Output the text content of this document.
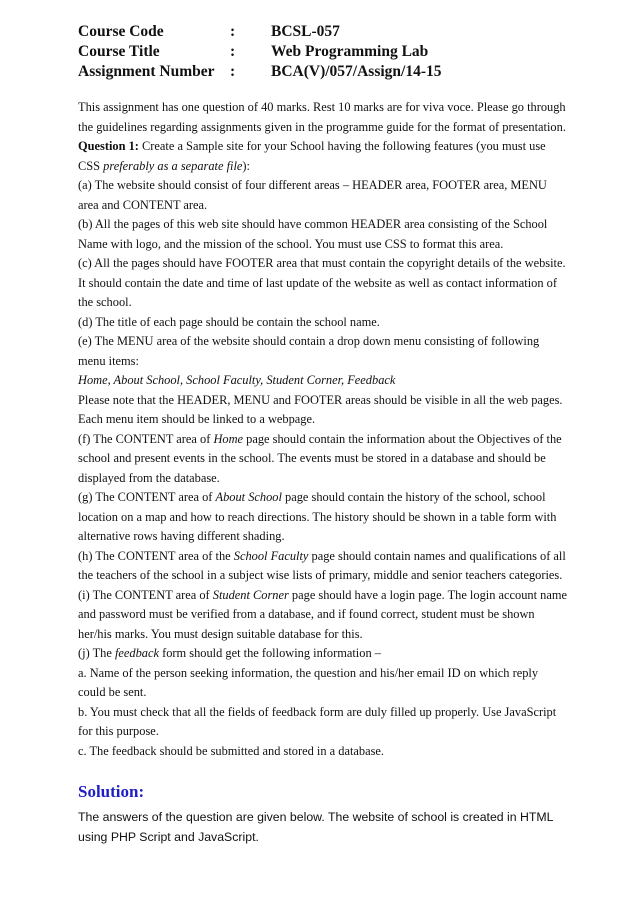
Course Code	:	BCSL-057
Course Title	:	Web Programming Lab
Assignment Number	:	BCA(V)/057/Assign/14-15

This assignment has one question of 40 marks. Rest 10 marks are for viva voce. Please go through the guidelines regarding assignments given in the programme guide for the format of presentation.

Question 1: Create a Sample site for your School having the following features (you must use CSS preferably as a separate file):

(a) The website should consist of four different areas – HEADER area, FOOTER area, MENU area and CONTENT area.

(b) All the pages of this web site should have common HEADER area consisting of the School Name with logo, and the mission of the school. You must use CSS to format this area.

(c) All the pages should have FOOTER area that must contain the copyright details of the website. It should contain the date and time of last update of the website as well as contact information of the school.

(d) The title of each page should be contain the school name.

(e) The MENU area of the website should contain a drop down menu consisting of following menu items:

Home, About School, School Faculty, Student Corner, Feedback

Please note that the HEADER, MENU and FOOTER areas should be visible in all the web pages. Each menu item should be linked to a webpage.

(f) The CONTENT area of Home page should contain the information about the Objectives of the school and present events in the school. The events must be stored in a database and should be displayed from the database.

(g) The CONTENT area of About School page should contain the history of the school, school location on a map and how to reach directions. The history should be shown in a table form with alternative rows having different shading.

(h) The CONTENT area of the School Faculty page should contain names and qualifications of all the teachers of the school in a subject wise lists of primary, middle and senior teachers categories.

(i) The CONTENT area of Student Corner page should have a login page. The login account name and password must be verified from a database, and if found correct, student must be shown her/his marks. You must design suitable database for this.

(j) The feedback form should get the following information –

a. Name of the person seeking information, the question and his/her email ID on which reply could be sent.

b. You must check that all the fields of feedback form are duly filled up properly. Use JavaScript for this purpose.

c. The feedback should be submitted and stored in a database.

Solution:
The answers of the question are given below. The website of school is created in HTML using PHP Script and JavaScript.
